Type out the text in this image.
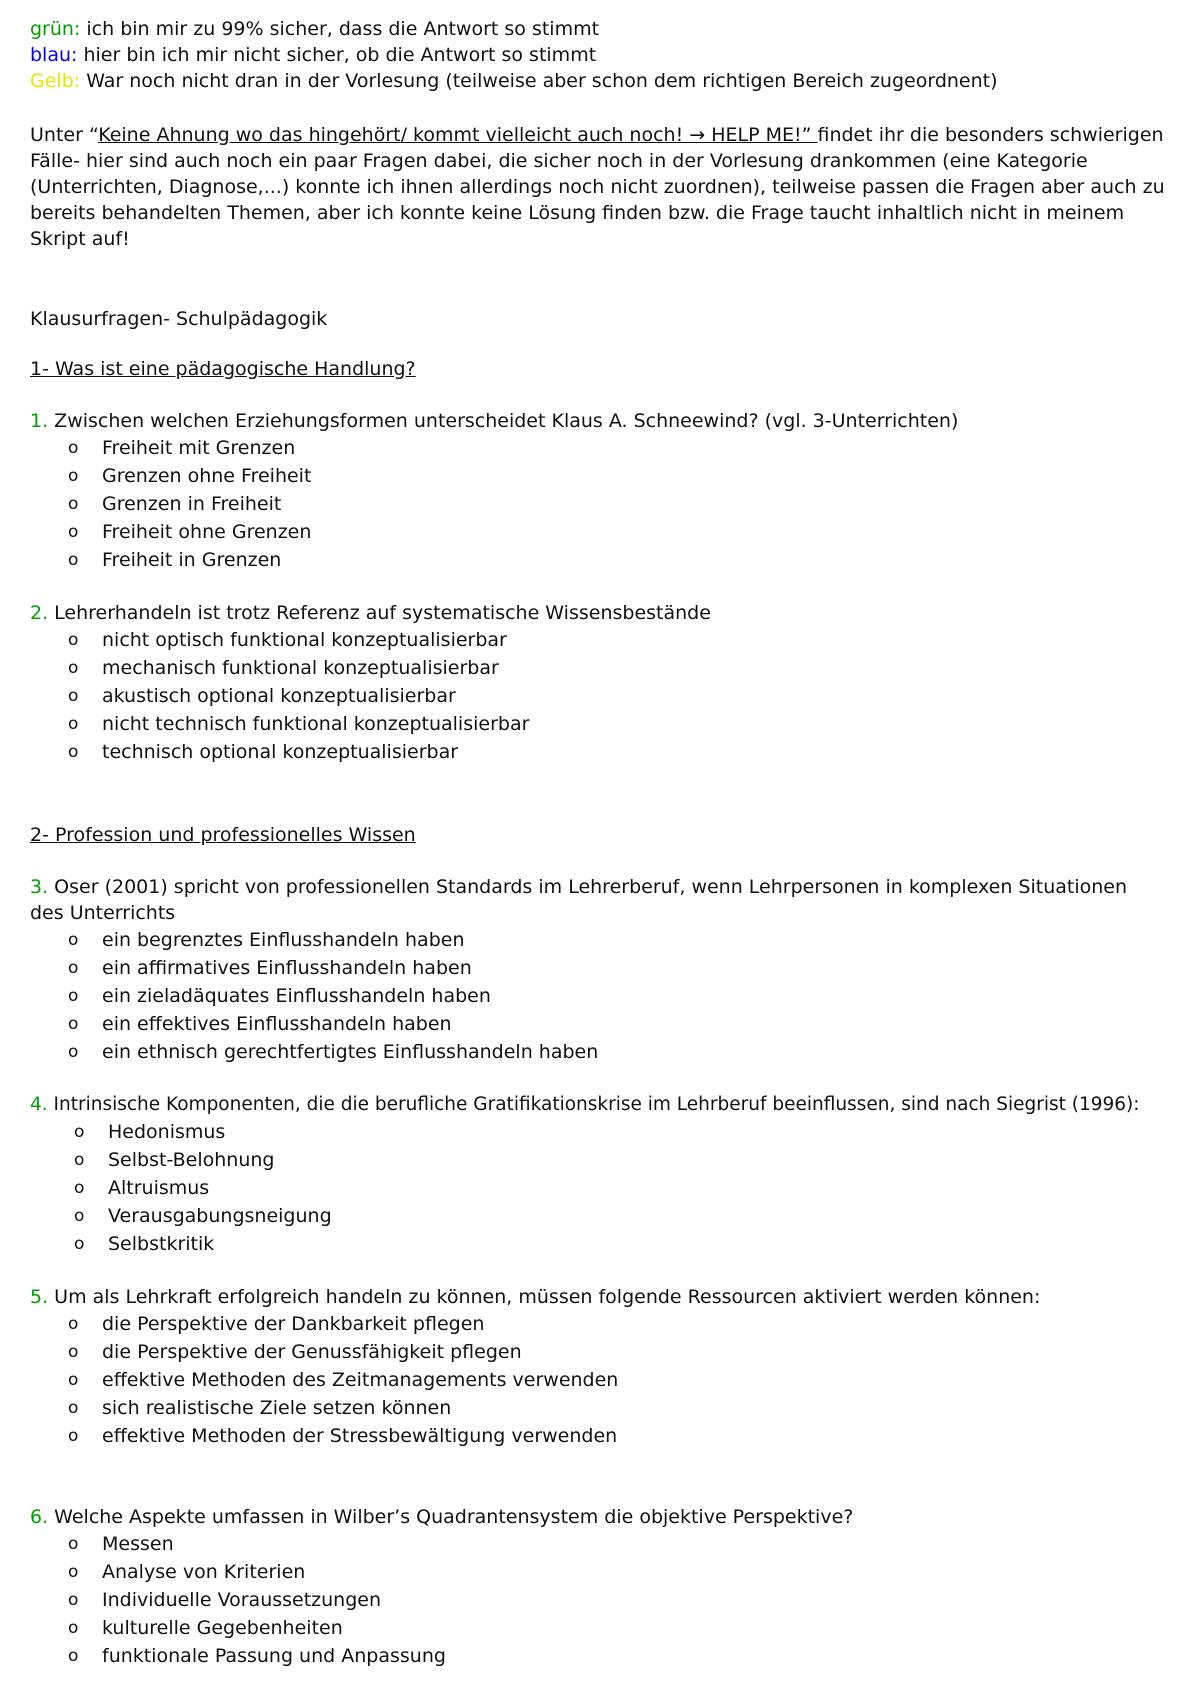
grün: ich bin mir zu 99% sicher, dass die Antwort so stimmt
blau: hier bin ich mir nicht sicher, ob die Antwort so stimmt
Gelb: War noch nicht dran in der Vorlesung (teilweise aber schon dem richtigen Bereich zugeordnent)
Unter “Keine Ahnung wo das hingehört/ kommt vielleicht auch noch! → HELP ME!” findet ihr die besonders schwierigen Fälle- hier sind auch noch ein paar Fragen dabei, die sicher noch in der Vorlesung drankommen (eine Kategorie (Unterrichten, Diagnose,...) konnte ich ihnen allerdings noch nicht zuordnen), teilweise passen die Fragen aber auch zu bereits behandelten Themen, aber ich konnte keine Lösung finden bzw. die Frage taucht inhaltlich nicht in meinem Skript auf!
Klausurfragen- Schulpädagogik
1- Was ist eine pädagogische Handlung?
1. Zwischen welchen Erziehungsformen unterscheidet Klaus A. Schneewind? (vgl. 3-Unterrichten)
o Freiheit mit Grenzen
o Grenzen ohne Freiheit
o Grenzen in Freiheit
o Freiheit ohne Grenzen
o Freiheit in Grenzen
2. Lehrerhandeln ist trotz Referenz auf systematische Wissensbestände
o nicht optisch funktional konzeptualisierbar
o mechanisch funktional konzeptualisierbar
o akustisch optional konzeptualisierbar
o nicht technisch funktional konzeptualisierbar
o technisch optional konzeptualisierbar
2- Profession und professionelles Wissen
3. Oser (2001) spricht von professionellen Standards im Lehrerberuf, wenn Lehrpersonen in komplexen Situationen des Unterrichts
o ein begrenztes Einflusshandeln haben
o ein affirmatives Einflusshandeln haben
o ein zieladäquates Einflusshandeln haben
o ein effektives Einflusshandeln haben
o ein ethnisch gerechtfertigtes Einflusshandeln haben
4. Intrinsische Komponenten, die die berufliche Gratifikationskrise im Lehrberuf beeinflussen, sind nach Siegrist (1996):
o Hedonismus
o Selbst-Belohnung
o Altruismus
o Verausgabungsneigung
o Selbstkritik
5. Um als Lehrkraft erfolgreich handeln zu können, müssen folgende Ressourcen aktiviert werden können:
o die Perspektive der Dankbarkeit pflegen
o die Perspektive der Genussfähigkeit pflegen
o effektive Methoden des Zeitmanagements verwenden
o sich realistische Ziele setzen können
o effektive Methoden der Stressbewältigung verwenden
6. Welche Aspekte umfassen in Wilber’s Quadrantensystem die objektive Perspektive?
o Messen
o Analyse von Kriterien
o Individuelle Voraussetzungen
o kulturelle Gegebenheiten
o funktionale Passung und Anpassung
